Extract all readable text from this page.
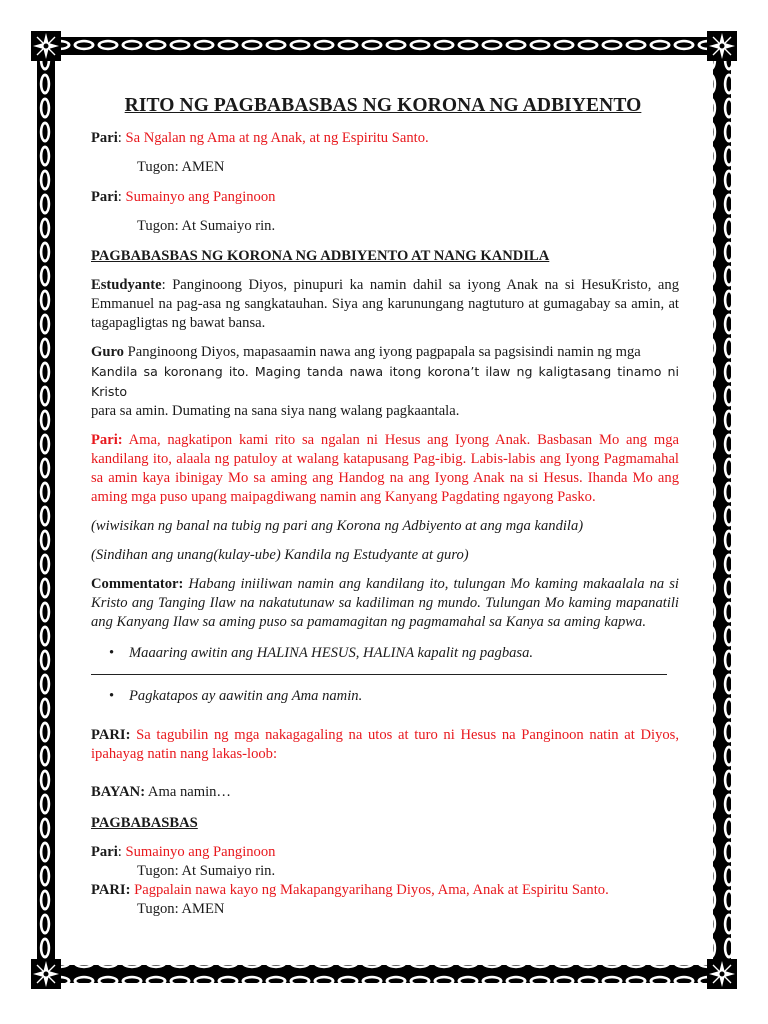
RITO NG PAGBABASBAS NG KORONA NG ADBIYENTO

Pari: Sa Ngalan ng Ama at ng Anak, at ng Espiritu Santo.

Tugon: AMEN

Pari: Sumainyo ang Panginoon

Tugon: At Sumaiyo rin.

PAGBABASBAS NG KORONA NG ADBIYENTO AT NANG KANDILA

Estudyante: Panginoong Diyos, pinupuri ka namin dahil sa iyong Anak na si HesuKristo, ang Emmanuel na pag-asa ng sangkatauhan. Siya ang karunungang nagtuturo at gumagabay sa amin, at tagapagligtas ng bawat bansa.

Guro Panginoong Diyos, mapasaamin nawa ang iyong pagpapala sa pagsisindi namin ng mga
Kandila sa koronang ito. Maging tanda nawa itong korona’t ilaw ng kaligtasang tinamo ni Kristo
para sa amin. Dumating na sana siya nang walang pagkaantala.

Pari: Ama, nagkatipon kami rito sa ngalan ni Hesus ang Iyong Anak. Basbasan Mo ang mga kandilang ito, alaala ng patuloy at walang katapusang Pag-ibig. Labis-labis ang Iyong Pagmamahal sa amin kaya ibinigay Mo sa aming ang Handog na ang Iyong Anak na si Hesus. Ihanda Mo ang aming mga puso upang maipagdiwang namin ang Kanyang Pagdating ngayong Pasko.

(wiwisikan ng banal na tubig ng pari ang Korona ng Adbiyento at ang mga kandila)

(Sindihan ang unang(kulay-ube) Kandila ng Estudyante at guro)

Commentator: Habang iniiliwan namin ang kandilang ito, tulungan Mo kaming makaalala na si Kristo ang Tanging Ilaw na nakatutunaw sa kadiliman ng mundo. Tulungan Mo kaming mapanatili ang Kanyang Ilaw sa aming puso sa pamamagitan ng pagmamahal sa Kanya sa aming kapwa.

• Maaaring awitin ang HALINA HESUS, HALINA kapalit ng pagbasa.
• Pagkatapos ay aawitin ang Ama namin.

PARI: Sa tagubilin ng mga nakagagaling na utos at turo ni Hesus na Panginoon natin at Diyos, ipahayag natin nang lakas-loob:

BAYAN: Ama namin…

PAGBABASBAS

Pari: Sumainyo ang Panginoon

Tugon: At Sumaiyo rin.

PARI: Pagpalain nawa kayo ng Makapangyarihang Diyos, Ama, Anak at Espiritu Santo.

Tugon: AMEN
